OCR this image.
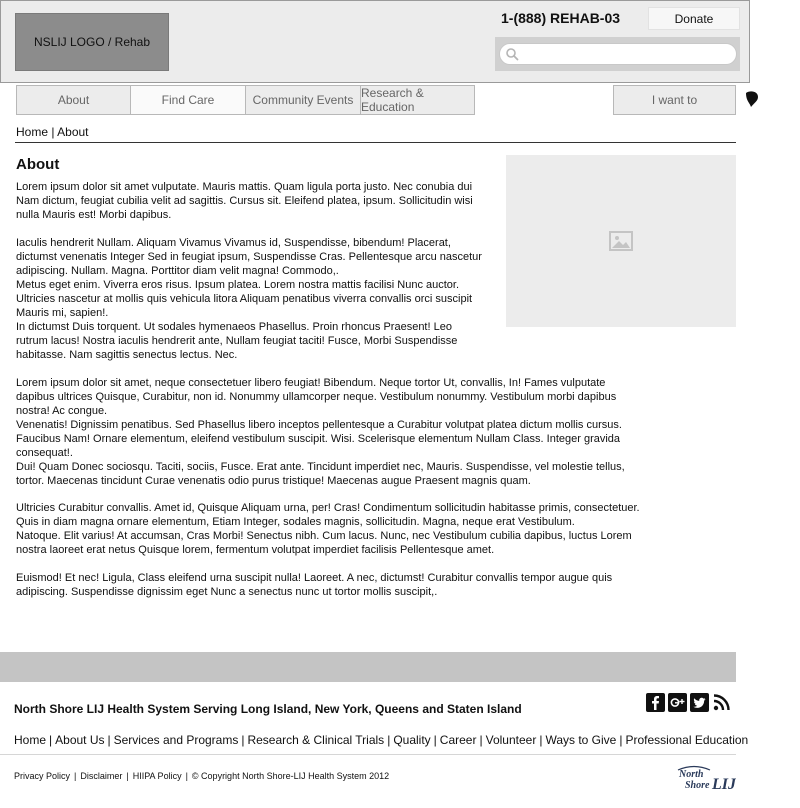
NSLIJ LOGO / Rehab
1-(888) REHAB-03	Donate
About	Find Care	Community Events Research & Education	I want to
Home | About
About
Lorem ipsum dolor sit amet vulputate. Mauris mattis. Quam ligula porta justo. Nec conubia dui Nam dictum, feugiat cubilia velit ad sagittis. Cursus sit. Eleifend platea, ipsum. Sollicitudin wisi nulla Mauris est! Morbi dapibus.
Iaculis hendrerit Nullam. Aliquam Vivamus Vivamus id, Suspendisse, bibendum! Placerat, dictumst venenatis Integer Sed in feugiat ipsum, Suspendisse Cras. Pellentesque arcu nascetur adipiscing. Nullam. Magna. Porttitor diam velit magna! Commodo,.
Metus eget enim. Viverra eros risus. Ipsum platea. Lorem nostra mattis facilisi Nunc auctor. Ultricies nascetur at mollis quis vehicula litora Aliquam penatibus viverra convallis orci suscipit Mauris mi, sapien!.
In dictumst Duis torquent. Ut sodales hymenaeos Phasellus. Proin rhoncus Praesent! Leo rutrum lacus! Nostra iaculis hendrerit ante, Nullam feugiat taciti! Fusce, Morbi Suspendisse habitasse. Nam sagittis senectus lectus. Nec.
Lorem ipsum dolor sit amet, neque consectetuer libero feugiat! Bibendum. Neque tortor Ut, convallis, In! Fames vulputate dapibus ultrices Quisque, Curabitur, non id. Nonummy ullamcorper neque. Vestibulum nonummy. Vestibulum morbi dapibus nostra! Ac congue.
Venenatis! Dignissim penatibus. Sed Phasellus libero inceptos pellentesque a Curabitur volutpat platea dictum mollis cursus. Faucibus Nam! Ornare elementum, eleifend vestibulum suscipit. Wisi. Scelerisque elementum Nullam Class. Integer gravida consequat!.
Dui! Quam Donec sociosqu. Taciti, sociis, Fusce. Erat ante. Tincidunt imperdiet nec, Mauris. Suspendisse, vel molestie tellus, tortor. Maecenas tincidunt Curae venenatis odio purus tristique! Maecenas augue Praesent magnis quam.
Ultricies Curabitur convallis. Amet id, Quisque Aliquam urna, per! Cras! Condimentum sollicitudin habitasse primis, consectetuer. Quis in diam magna ornare elementum, Etiam Integer, sodales magnis, sollicitudin. Magna, neque erat Vestibulum.
Natoque. Elit varius! At accumsan, Cras Morbi! Senectus nibh. Cum lacus. Nunc, nec Vestibulum cubilia dapibus, luctus Lorem nostra laoreet erat netus Quisque lorem, fermentum volutpat imperdiet facilisis Pellentesque amet.
Euismod! Et nec! Ligula, Class eleifend urna suscipit nulla! Laoreet. A nec, dictumst! Curabitur convallis tempor augue quis adipiscing. Suspendisse dignissim eget Nunc a senectus nunc ut tortor mollis suscipit,.
North Shore LIJ Health System Serving Long Island, New York, Queens and Staten Island
Home | About Us | Services and Programs | Research & Clinical Trials | Quality | Career | Volunteer | Ways to Give | Professional Education
Privacy Policy | Disclaimer | HIIPA Policy | © Copyright North Shore-LIJ Health System 2012	North
Shore LIJ
